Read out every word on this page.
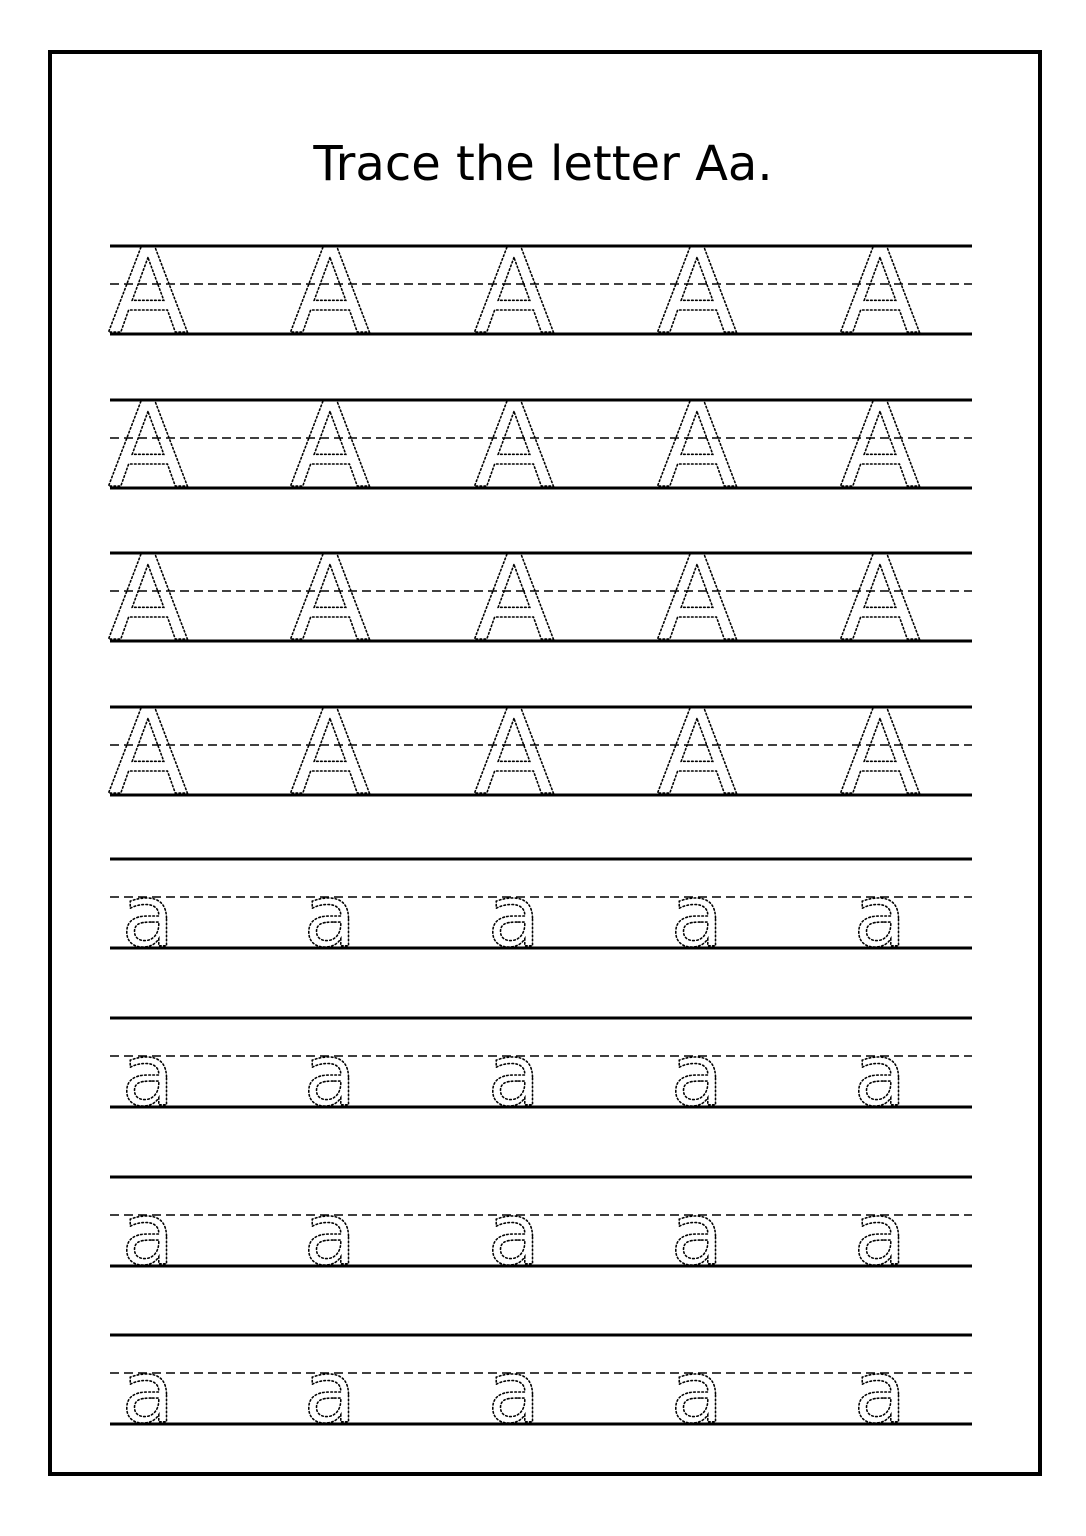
Trace the letter Aa.
A A A A A
A A A A A
A A A A A
A A A A A
a a a a a
a a a a a
a a a a a
a a a a a
